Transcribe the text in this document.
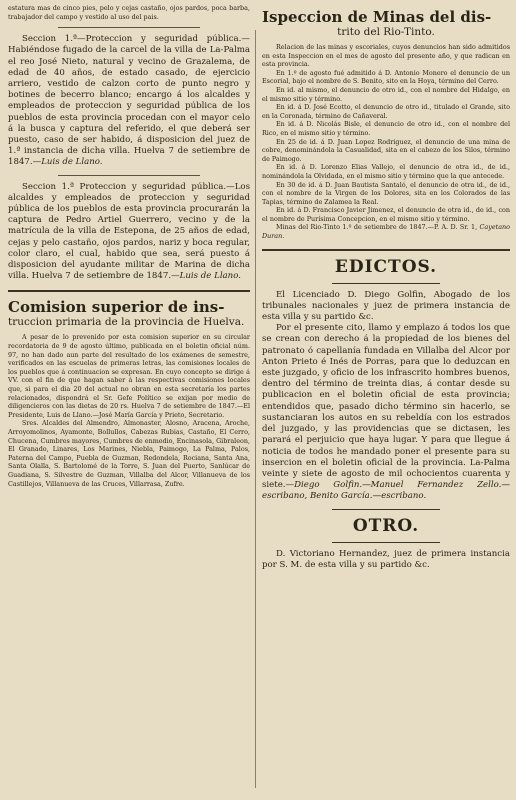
estatura mas de cinco pies, pelo y cejas castaño, ojos pardos, poca barba, trabajador del campo y vestido al uso del pais.

Seccion 1.ª—Proteccion y seguridad pública.—Habiéndose fugado de la carcel de la villa de La-Palma el reo José Nieto, natural y vecino de Grazalema, de edad de 40 años, de estado casado, de ejercicio arriero, vestido de calzon corto de punto negro y botines de becerro blanco; encargo á los alcaldes y empleados de proteccion y seguridad pública de los pueblos de esta provincia procedan con el mayor celo á la busca y captura del referido, el que deberá ser puesto, caso de ser habido, á disposicion del juez de 1.ª instancia de dicha villa. Huelva 7 de setiembre de 1847.—Luis de Llano.

Seccion 1.ª Proteccion y seguridad pública.—Los alcaldes y empleados de proteccion y seguridad pública de los pueblos de esta provincia procurarán la captura de Pedro Artiel Guerrero, vecino y de la matrícula de la villa de Estepona, de 25 años de edad, cejas y pelo castaño, ojos pardos, nariz y boca regular, color claro, el cual, habido que sea, será puesto á disposicion del ayudante militar de Marina de dicha villa. Huelva 7 de setiembre de 1847.—Luis de Llano.

Comision superior de ins-
truccion primaria de la provincia de Huelva.

A pesar de lo prevenido por esta comision superior en su circular recordatoria de 9 de agosto último, publicada en el boletin oficial núm. 97, no han dado aun parte del resultado de los exámenes de semestre, verificados en las escuelas de primeras letras, las comisiones locales de los pueblos que á continuacion se expresan. En cuyo concepto se dirige á VV. con el fin de que hagan saber á las respectivas comisiones locales que, si para el dia 20 del actual no obran en esta secretaría los partes relacionados, dispondrá el Sr. Gefe Político se exijan por medio de diligencieros con las dietas de 20 rs. Huelva 7 de setiembre de 1847.—El Presidente, Luis de Llano.—José María García y Prieto, Secretario.

Sres. Alcaldes del Almendro, Almonaster, Alosno, Aracena, Aroche, Arroyomolinos, Ayamonte, Bollullos, Cabezas Rubias, Castaño, El Cerro, Chucena, Cumbres mayores, Cumbres de enmedio, Encinasola, Gibraleon, El Granado, Linares, Los Marines, Niebla, Paimogo, La Palma, Palos, Paterna del Campo, Puebla de Guzman, Redondela, Rociana, Santa Ana, Santa Olalla, S. Bartolomé de la Torre, S. Juan del Puerto, Sanlúcar de Guadiana, S. Silvestre de Guzman, Villalba del Alcor, Villanueva de los Castillejos, Villanueva de las Cruces, Villarrasa, Zufre.

Ispeccion de Minas del dis-
trito del Rio-Tinto.

Relacion de las minas y escoriales, cuyos denuncios han sido admitidos en esta Inspeccion en el mes de agosto del presente año, y que radican en esta provincia.

En 1.º de agosto fué admitido á D. Antonio Monero el denuncio de un Escorial, bajo el nombre de S. Benito, sito en la Hoya, término del Cerro.

En id. al mismo, el denuncio de otro id., con el nombre del Hidalgo, en el mismo sitio y término.

En id. á D. José Ecotto, el denuncio de otro id., titulado el Grande, sito en la Coronada, término de Cañaveral.

En id. á D. Nicolás Bisle, el denuncio de otro id., con el nombre del Rico, en el mismo sitio y término.

En 25 de id. á D. Juan Lopez Rodriguez, el denuncio de una mina de cobre, denominándola la Casualidad, sita en el cabezo de los Silos, término de Paimogo.

En id. á D. Lorenzo Elias Vallejo, el denuncio de otra id., de id., nominándola la Olvidada, en el mismo sitio y término que la que antecede.

En 30 de id. á D. Juan Bautista Santaló, el denuncio de otra id., de id., con el nombre de la Virgen de los Dolores, sita en los Colorados de las Tapias, término de Zalamea la Real.

En id. á D. Francisco Javier Jimenez, el denuncio de otra id., de id., con el nombre de Purísima Concepcion, en el mismo sitio y término.

Minas del Rio-Tinto 1.º de setiembre de 1847.—P. A. D. Sr. 1, Cayetano Duran.

EDICTOS.

El Licenciado D. Diego Golfin, Abogado de los tribunales nacionales y juez de primera instancia de esta villa y su partido &c.

Por el presente cito, llamo y emplazo á todos los que se crean con derecho á la propiedad de los bienes del patronato ó capellanía fundada en Villalba del Alcor por Anton Prieto é Inés de Porras, para que lo deduzcan en este juzgado, y oficio de los infrascrito hombres buenos, dentro del término de treinta dias, á contar desde su publicacion en el boletin oficial de esta provincia; entendidos que, pasado dicho término sin hacerlo, se sustanciaran los autos en su rebeldía con los estrados del juzgado, y las providencias que se dictasen, les parará el perjuicio que haya lugar. Y para que llegue á noticia de todos he mandado poner el presente para su insercion en el boletin oficial de la provincia. La-Palma veinte y siete de agosto de mil ochocientos cuarenta y siete.—Diego Golfin.—Manuel Fernandez Zello.—escribano, Benito García.—escribano.

OTRO.

D. Victoriano Hernandez, juez de primera instancia por S. M. de esta villa y su partido &c.
